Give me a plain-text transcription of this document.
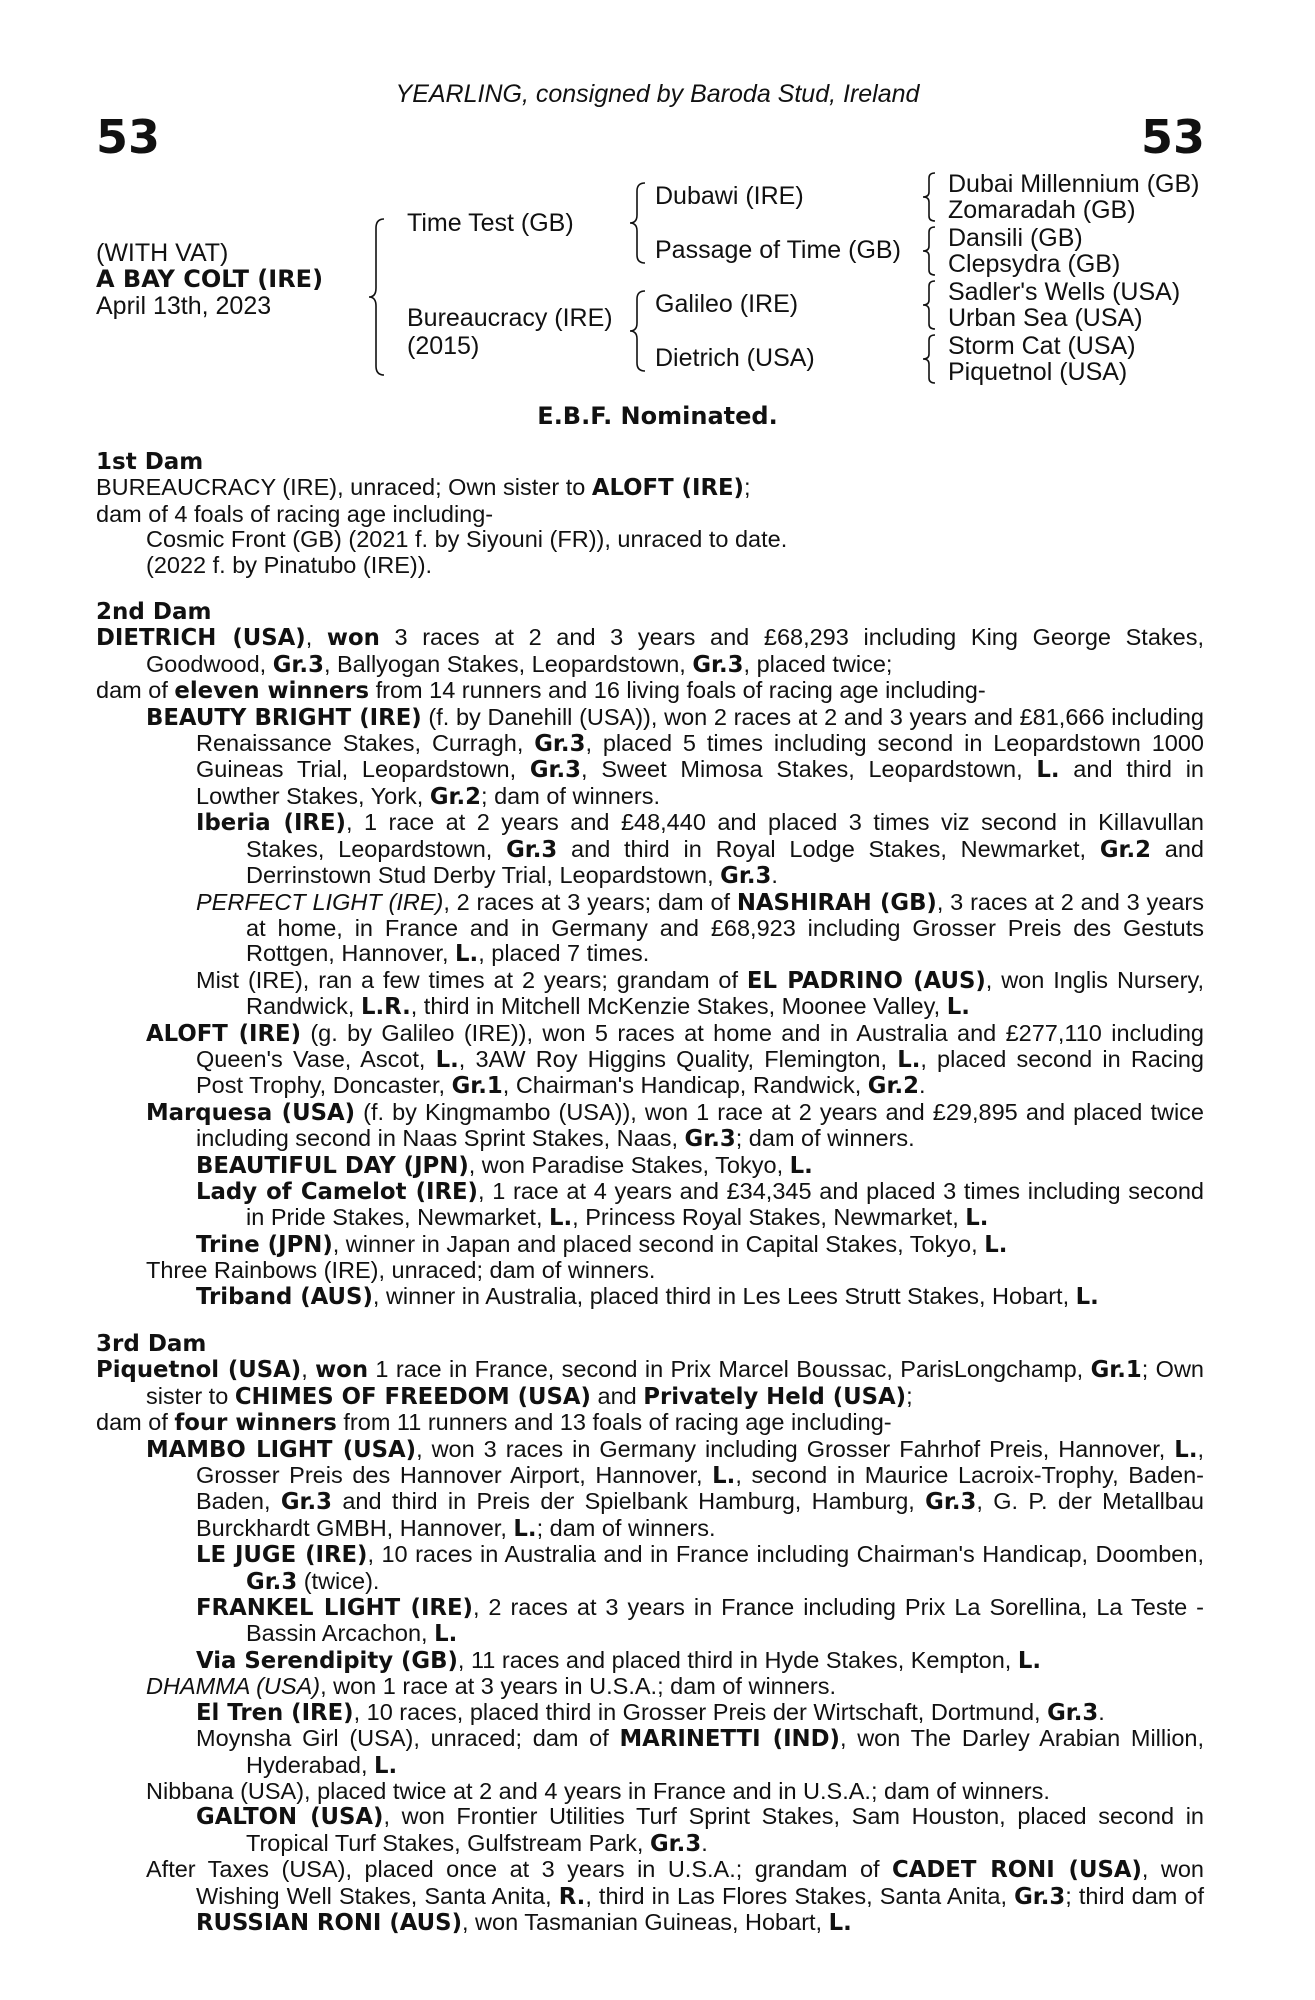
53	53
YEARLING, consigned by Baroda Stud, Ireland
(WITH VAT)
A BAY COLT (IRE)
April 13th, 2023
Time Test (GB)
Bureaucracy (IRE)
(2015)
Dubawi (IRE)
Passage of Time (GB)
Galileo (IRE)
Dietrich (USA)
Dubai Millennium (GB)
Zomaradah (GB)
Dansili (GB)
Clepsydra (GB)
Sadler's Wells (USA)
Urban Sea (USA)
Storm Cat (USA)
Piquetnol (USA)
E.B.F. Nominated.
1st Dam
BUREAUCRACY (IRE), unraced; Own sister to ALOFT (IRE);
dam of 4 foals of racing age including-
Cosmic Front (GB) (2021 f. by Siyouni (FR)), unraced to date.
(2022 f. by Pinatubo (IRE)).
2nd Dam
DIETRICH (USA), won 3 races at 2 and 3 years and £68,293 including King George Stakes, Goodwood, Gr.3, Ballyogan Stakes, Leopardstown, Gr.3, placed twice;
dam of eleven winners from 14 runners and 16 living foals of racing age including-
BEAUTY BRIGHT (IRE) (f. by Danehill (USA)), won 2 races at 2 and 3 years and £81,666 including Renaissance Stakes, Curragh, Gr.3, placed 5 times including second in Leopardstown 1000 Guineas Trial, Leopardstown, Gr.3, Sweet Mimosa Stakes, Leopardstown, L. and third in Lowther Stakes, York, Gr.2; dam of winners.
Iberia (IRE), 1 race at 2 years and £48,440 and placed 3 times viz second in Killavullan Stakes, Leopardstown, Gr.3 and third in Royal Lodge Stakes, Newmarket, Gr.2 and Derrinstown Stud Derby Trial, Leopardstown, Gr.3.
PERFECT LIGHT (IRE), 2 races at 3 years; dam of NASHIRAH (GB), 3 races at 2 and 3 years at home, in France and in Germany and £68,923 including Grosser Preis des Gestuts Rottgen, Hannover, L., placed 7 times.
Mist (IRE), ran a few times at 2 years; grandam of EL PADRINO (AUS), won Inglis Nursery, Randwick, L.R., third in Mitchell McKenzie Stakes, Moonee Valley, L.
ALOFT (IRE) (g. by Galileo (IRE)), won 5 races at home and in Australia and £277,110 including Queen's Vase, Ascot, L., 3AW Roy Higgins Quality, Flemington, L., placed second in Racing Post Trophy, Doncaster, Gr.1, Chairman's Handicap, Randwick, Gr.2.
Marquesa (USA) (f. by Kingmambo (USA)), won 1 race at 2 years and £29,895 and placed twice including second in Naas Sprint Stakes, Naas, Gr.3; dam of winners.
BEAUTIFUL DAY (JPN), won Paradise Stakes, Tokyo, L.
Lady of Camelot (IRE), 1 race at 4 years and £34,345 and placed 3 times including second in Pride Stakes, Newmarket, L., Princess Royal Stakes, Newmarket, L.
Trine (JPN), winner in Japan and placed second in Capital Stakes, Tokyo, L.
Three Rainbows (IRE), unraced; dam of winners.
Triband (AUS), winner in Australia, placed third in Les Lees Strutt Stakes, Hobart, L.
3rd Dam
Piquetnol (USA), won 1 race in France, second in Prix Marcel Boussac, ParisLongchamp, Gr.1; Own sister to CHIMES OF FREEDOM (USA) and Privately Held (USA);
dam of four winners from 11 runners and 13 foals of racing age including-
MAMBO LIGHT (USA), won 3 races in Germany including Grosser Fahrhof Preis, Hannover, L., Grosser Preis des Hannover Airport, Hannover, L., second in Maurice Lacroix-Trophy, Baden-Baden, Gr.3 and third in Preis der Spielbank Hamburg, Hamburg, Gr.3, G. P. der Metallbau Burckhardt GMBH, Hannover, L.; dam of winners.
LE JUGE (IRE), 10 races in Australia and in France including Chairman's Handicap, Doomben, Gr.3 (twice).
FRANKEL LIGHT (IRE), 2 races at 3 years in France including Prix La Sorellina, La Teste - Bassin Arcachon, L.
Via Serendipity (GB), 11 races and placed third in Hyde Stakes, Kempton, L.
DHAMMA (USA), won 1 race at 3 years in U.S.A.; dam of winners.
El Tren (IRE), 10 races, placed third in Grosser Preis der Wirtschaft, Dortmund, Gr.3.
Moynsha Girl (USA), unraced; dam of MARINETTI (IND), won The Darley Arabian Million, Hyderabad, L.
Nibbana (USA), placed twice at 2 and 4 years in France and in U.S.A.; dam of winners.
GALTON (USA), won Frontier Utilities Turf Sprint Stakes, Sam Houston, placed second in Tropical Turf Stakes, Gulfstream Park, Gr.3.
After Taxes (USA), placed once at 3 years in U.S.A.; grandam of CADET RONI (USA), won Wishing Well Stakes, Santa Anita, R., third in Las Flores Stakes, Santa Anita, Gr.3; third dam of RUSSIAN RONI (AUS), won Tasmanian Guineas, Hobart, L.
